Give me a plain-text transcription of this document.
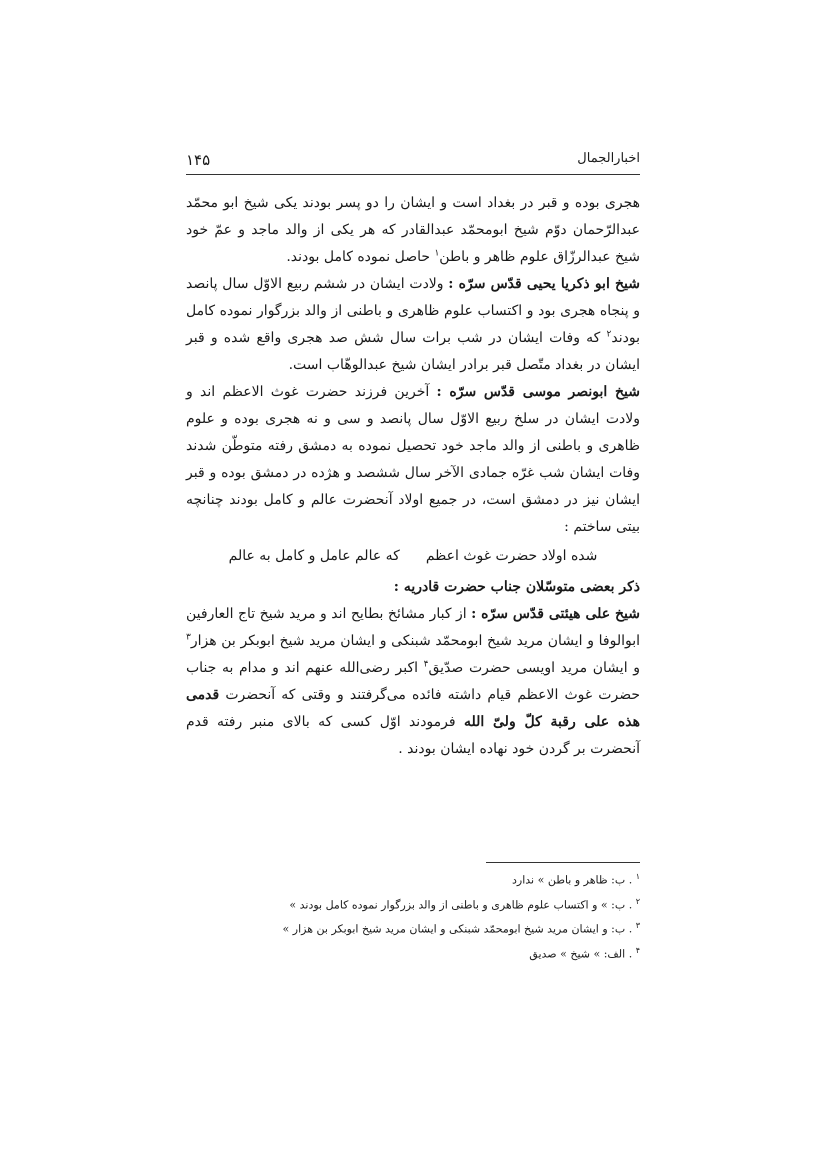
۱۴۵	اخبارالجمال

هجری بوده و قبر در بغداد است و ایشان را دو پسر بودند یکی شیخ ابو محمّد عبدالرّحمان دوّم شیخ ابومحمّد عبدالقادر که هر یکی از والد ماجد و عمّ خود شیخ عبدالرزّاق علوم ظاهر و باطن$^۱$ حاصل نموده کامل بودند.

شیخ ابو ذکریا یحیی قدّس سرّه : ولادت ایشان در ششم ربیع الاوّل سال پانصد و پنجاه هجری بود و اکتساب علوم ظاهری و باطنی از والد بزرگوار نموده کامل بودند$^۲$ که وفات ایشان در شب برات سال شش صد هجری واقع شده و قبر ایشان در بغداد متّصل قبر برادر ایشان شیخ عبدالوهّاب است.

شیخ ابونصر موسی قدّس سرّه : آخرین فرزند حضرت غوث الاعظم اند و ولادت ایشان در سلخ ربیع الاوّل سال پانصد و سی و نه هجری بوده و علوم ظاهری و باطنی از والد ماجد خود تحصیل نموده به دمشق رفته متوطّن شدند وفات ایشان شب غرّه جمادی الآخر سال ششصد و هژده در دمشق بوده و قبر ایشان نیز در دمشق است، در جمیع اولاد آنحضرت عالم و کامل بودند چنانچه بیتی ساختم :

شده اولاد حضرت غوث اعظم
که عالم عامل و کامل به عالم

ذکر بعضی متوسّلان جناب حضرت قادریه :

شیخ علی هیئتی قدّس سرّه : از کبار مشائخ بطایح اند و مرید شیخ تاج العارفین ابوالوفا و ایشان مرید شیخ ابومحمّد شبنکی و ایشان مرید شیخ ابوبکر بن هزار$^۳$ و ایشان مرید اویسی حضرت صدّیق$^۴$ اکبر رضی‌الله عنهم اند و مدام به جناب حضرت غوث الاعظم قیام داشته فائده می‌گرفتند و وقتی که آنحضرت قدمی هذه علی رقبة کلّ ولیّ الله فرمودند اوّل کسی که بالای منبر رفته قدم آنحضرت بر گردن خود نهاده ایشان بودند .

$^۱$ . ب: ظاهر و باطن » ندارد

$^۲$ . ب: » و اکتساب علوم ظاهری و باطنی از والد بزرگوار نموده کامل بودند »

$^۳$ . ب: و ایشان مرید شیخ ابومحمّد شبنکی و ایشان مرید شیخ ابوبکر بن هزار »

$^۴$ . الف: » شیخ » صدیق
